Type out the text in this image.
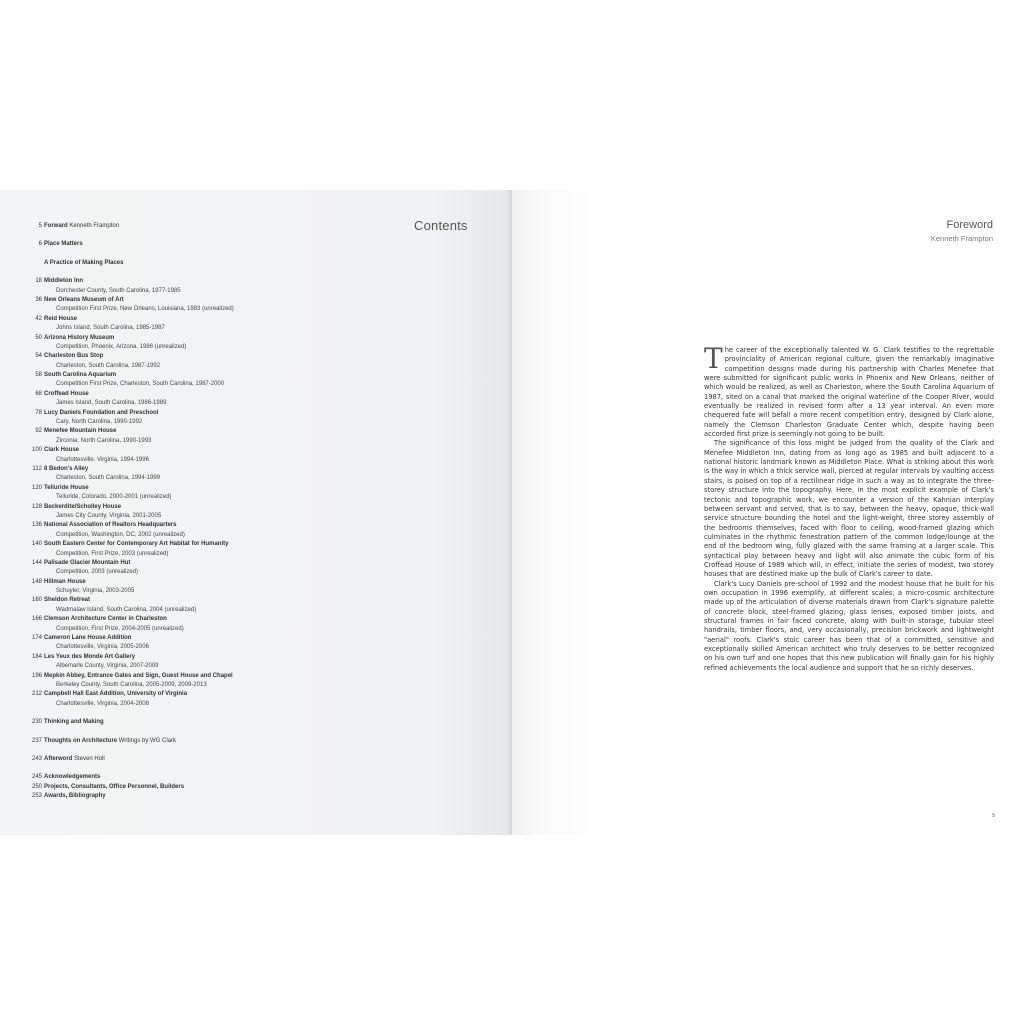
Contents
5 Forward Kenneth Frampton
6 Place Matters
A Practice of Making Places
18 Middleton Inn
Dorchester County, South Carolina, 1977-1985
36 New Orleans Museum of Art
Competition First Prize, New Orleans, Louisiana, 1983 (unrealized)
42 Reid House
Johns Island, South Carolina, 1985-1987
50 Arizona History Museum
Competition, Phoenix, Arizona, 1986 (unrealized)
54 Charleston Bus Stop
Charleston, South Carolina, 1987-1992
58 South Carolina Aquarium
Competition First Prize, Charleston, South Carolina, 1987-2000
68 Croffead House
James Island, South Carolina, 1986-1989
78 Lucy Daniels Foundation and Preschool
Cary, North Carolina, 1990-1992
92 Menefee Mountain House
Zirconia, North Carolina, 1990-1993
100 Clark House
Charlottesville, Virginia, 1994-1996
112 8 Bedon's Alley
Charleston, South Carolina, 1994-1999
120 Telluride House
Telluride, Colorado, 2000-2001 (unrealized)
128 Beckerdite/Scholley House
James City County, Virginia, 2001-2005
136 National Association of Realtors Headquarters
Competition, Washington, DC, 2002 (unrealized)
140 South Eastern Center for Contemporary Art Habitat for Humanity
Competition, First Prize, 2003 (unrealized)
144 Palisade Glacier Mountain Hut
Competition, 2003 (unrealized)
148 Hillman House
Schuyler, Virginia, 2003-2005
160 Sheldon Retreat
Wadmalaw Island, South Carolina, 2004 (unrealized)
166 Clemson Architecture Center in Charleston
Competition, First Prize, 2004-2005 (unrealized)
174 Cameron Lane House Addition
Charlottesville, Virginia, 2005-2006
184 Les Yeux des Monde Art Gallery
Albemarle County, Virginia, 2007-2009
196 Mepkin Abbey, Entrance Gates and Sign, Guest House and Chapel
Berkeley County, South Carolina, 2005-2009, 2009-2013
212 Campbell Hall East Addition, University of Virginia
Charlottesville, Virginia, 2004-2008
230 Thinking and Making
237 Thoughts on Architecture Writings by WG Clark
243 Afterword Steven Holl
245 Acknowledgements
250 Projects, Consultants, Office Personnel, Builders
253 Awards, Bibliography
Foreword
Kenneth Frampton

The career of the exceptionally talented W. G. Clark testifies to the regrettable provinciality of American regional culture, given the remarkably imaginative competition designs made during his partnership with Charles Menefee that were submitted for significant public works in Phoenix and New Orleans, neither of which would be realized, as well as Charleston, where the South Carolina Aquarium of 1987, sited on a canal that marked the original waterline of the Cooper River, would eventually be realized in revised form after a 13 year interval. An even more chequered fate will befall a more recent competition entry, designed by Clark alone, namely the Clemson Charleston Graduate Center which, despite having been accorded first prize is seemingly not going to be built.

The significance of this loss might be judged from the quality of the Clark and Menefee Middleton Inn, dating from as long ago as 1985 and built adjacent to a national historic landmark known as Middleton Place. What is striking about this work is the way in which a thick service wall, pierced at regular intervals by vaulting access stairs, is poised on top of a rectilinear ridge in such a way as to integrate the three-storey structure into the topography. Here, in the most explicit example of Clark's tectonic and topographic work, we encounter a version of the Kahnian interplay between servant and served, that is to say, between the heavy, opaque, thick-wall service structure bounding the hotel and the light-weight, three storey assembly of the bedrooms themselves, faced with floor to ceiling, wood-framed glazing which culminates in the rhythmic fenestration pattern of the common lodge/lounge at the end of the bedroom wing, fully glazed with the same framing at a larger scale. This syntactical play between heavy and light will also animate the cubic form of his Croffead House of 1989 which will, in effect, initiate the series of modest, two storey houses that are destined make up the bulk of Clark's career to date.

Clark's Lucy Daniels pre-school of 1992 and the modest house that he built for his own occupation in 1996 exemplify, at different scales; a micro-cosmic architecture made up of the articulation of diverse materials drawn from Clark's signature palette of concrete block, steel-framed glazing, glass lenses, exposed timber joists, and structural frames in fair faced concrete, along with built-in storage, tubular steel handrails, timber floors, and, very occasionally, precision brickwork and lightweight "aerial" roofs. Clark's stoic career has been that of a committed, sensitive and exceptionally skilled American architect who truly deserves to be better recognized on his own turf and one hopes that this new publication will finally gain for his highly refined achievements the local audience and support that he so richly deserves.

5
